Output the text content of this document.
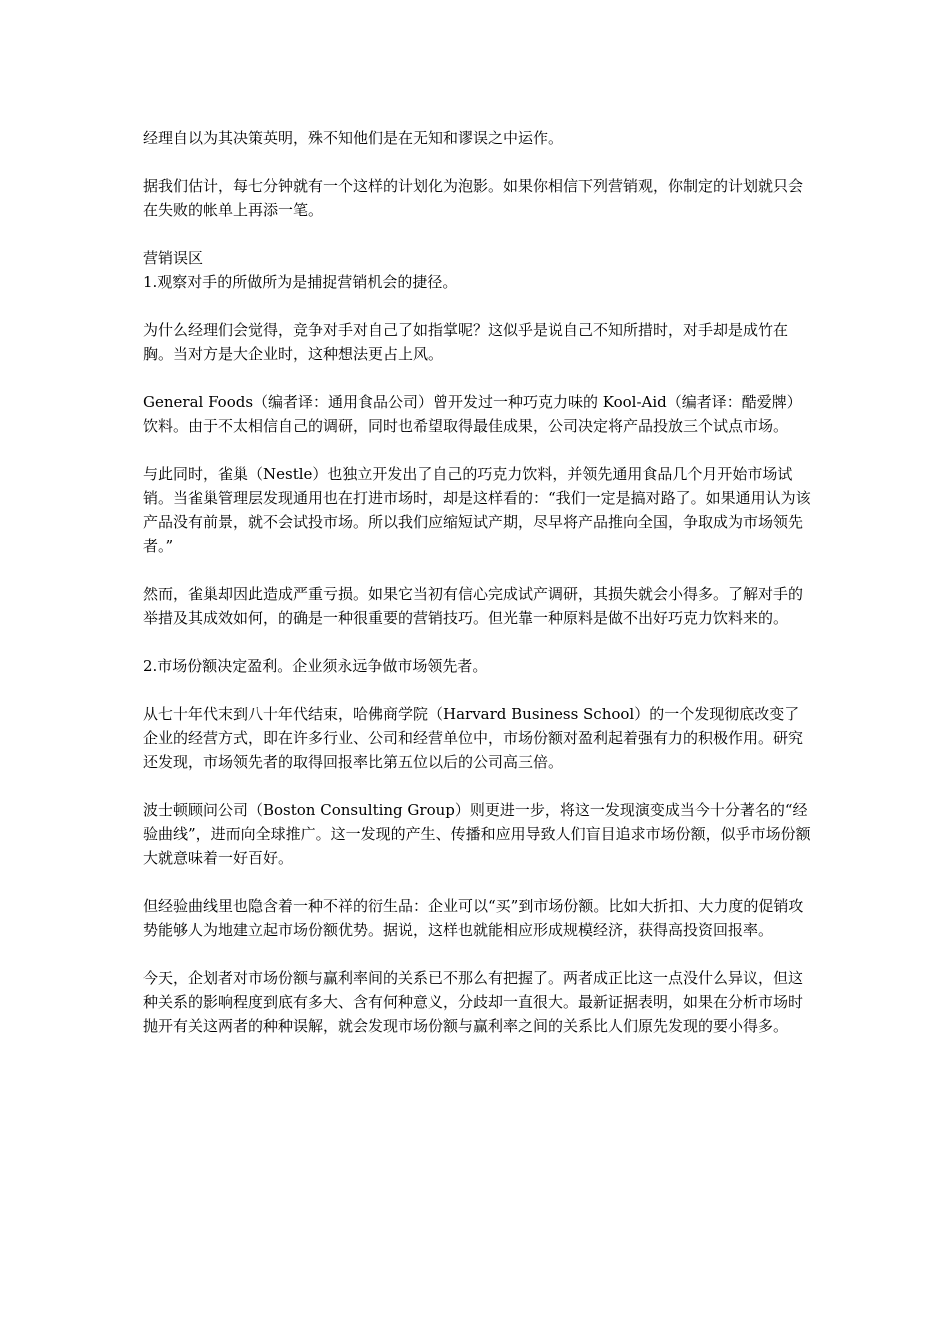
经理自以为其决策英明，殊不知他们是在无知和谬误之中运作。

据我们估计，每七分钟就有一个这样的计划化为泡影。如果你相信下列营销观，你制定的计划就只会在失败的帐单上再添一笔。

营销误区

1.观察对手的所做所为是捕捉营销机会的捷径。

为什么经理们会觉得，竞争对手对自己了如指掌呢？这似乎是说自己不知所措时，对手却是成竹在胸。当对方是大企业时，这种想法更占上风。

General Foods（编者译：通用食品公司）曾开发过一种巧克力味的 Kool-Aid（编者译：酷爱牌）饮料。由于不太相信自己的调研，同时也希望取得最佳成果，公司决定将产品投放三个试点市场。

与此同时，雀巢（Nestle）也独立开发出了自己的巧克力饮料，并领先通用食品几个月开始市场试销。当雀巢管理层发现通用也在打进市场时，却是这样看的：“我们一定是搞对路了。如果通用认为该产品没有前景，就不会试投市场。所以我们应缩短试产期，尽早将产品推向全国，争取成为市场领先者。”

然而，雀巢却因此造成严重亏损。如果它当初有信心完成试产调研，其损失就会小得多。了解对手的举措及其成效如何，的确是一种很重要的营销技巧。但光靠一种原料是做不出好巧克力饮料来的。

2.市场份额决定盈利。企业须永远争做市场领先者。

从七十年代末到八十年代结束，哈佛商学院（Harvard Business School）的一个发现彻底改变了企业的经营方式，即在许多行业、公司和经营单位中，市场份额对盈利起着强有力的积极作用。研究还发现，市场领先者的取得回报率比第五位以后的公司高三倍。

波士顿顾问公司（Boston Consulting Group）则更进一步，将这一发现演变成当今十分著名的“经验曲线”，进而向全球推广。这一发现的产生、传播和应用导致人们盲目追求市场份额，似乎市场份额大就意味着一好百好。

但经验曲线里也隐含着一种不祥的衍生品：企业可以“买”到市场份额。比如大折扣、大力度的促销攻势能够人为地建立起市场份额优势。据说，这样也就能相应形成规模经济，获得高投资回报率。

今天，企划者对市场份额与赢利率间的关系已不那么有把握了。两者成正比这一点没什么异议，但这种关系的影响程度到底有多大、含有何种意义，分歧却一直很大。最新证据表明，如果在分析市场时抛开有关这两者的种种误解，就会发现市场份额与赢利率之间的关系比人们原先发现的要小得多。
